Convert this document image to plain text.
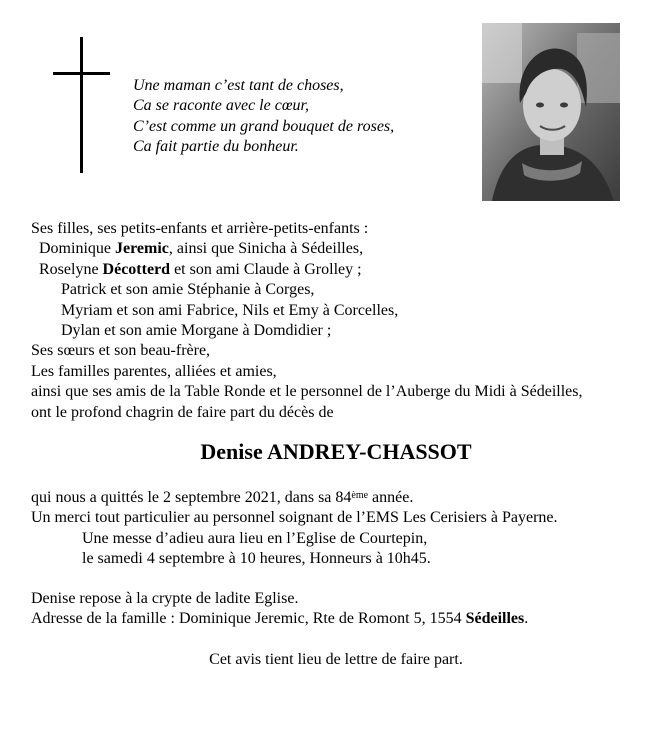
Une maman c’est tant de choses,
Ca se raconte avec le cœur,
C’est comme un grand bouquet de roses,
Ca fait partie du bonheur.
Ses filles, ses petits-enfants et arrière-petits-enfants :
Dominique Jeremic, ainsi que Sinicha à Sédeilles,
Roselyne Décotterd et son ami Claude à Grolley ;
Patrick et son amie Stéphanie à Corges,
Myriam et son ami Fabrice, Nils et Emy à Corcelles,
Dylan et son amie Morgane à Domdidier ;
Ses sœurs et son beau-frère,
Les familles parentes, alliées et amies,
ainsi que ses amis de la Table Ronde et le personnel de l’Auberge du Midi à Sédeilles,
ont le profond chagrin de faire part du décès de
Denise ANDREY-CHASSOT
qui nous a quittés le 2 septembre 2021, dans sa 84ème année.
Un merci tout particulier au personnel soignant de l’EMS Les Cerisiers à Payerne.
Une messe d’adieu aura lieu en l’Eglise de Courtepin,
le samedi 4 septembre à 10 heures, Honneurs à 10h45.
Denise repose à la crypte de ladite Eglise.
Adresse de la famille : Dominique Jeremic, Rte de Romont 5, 1554 Sédeilles.
Cet avis tient lieu de lettre de faire part.
